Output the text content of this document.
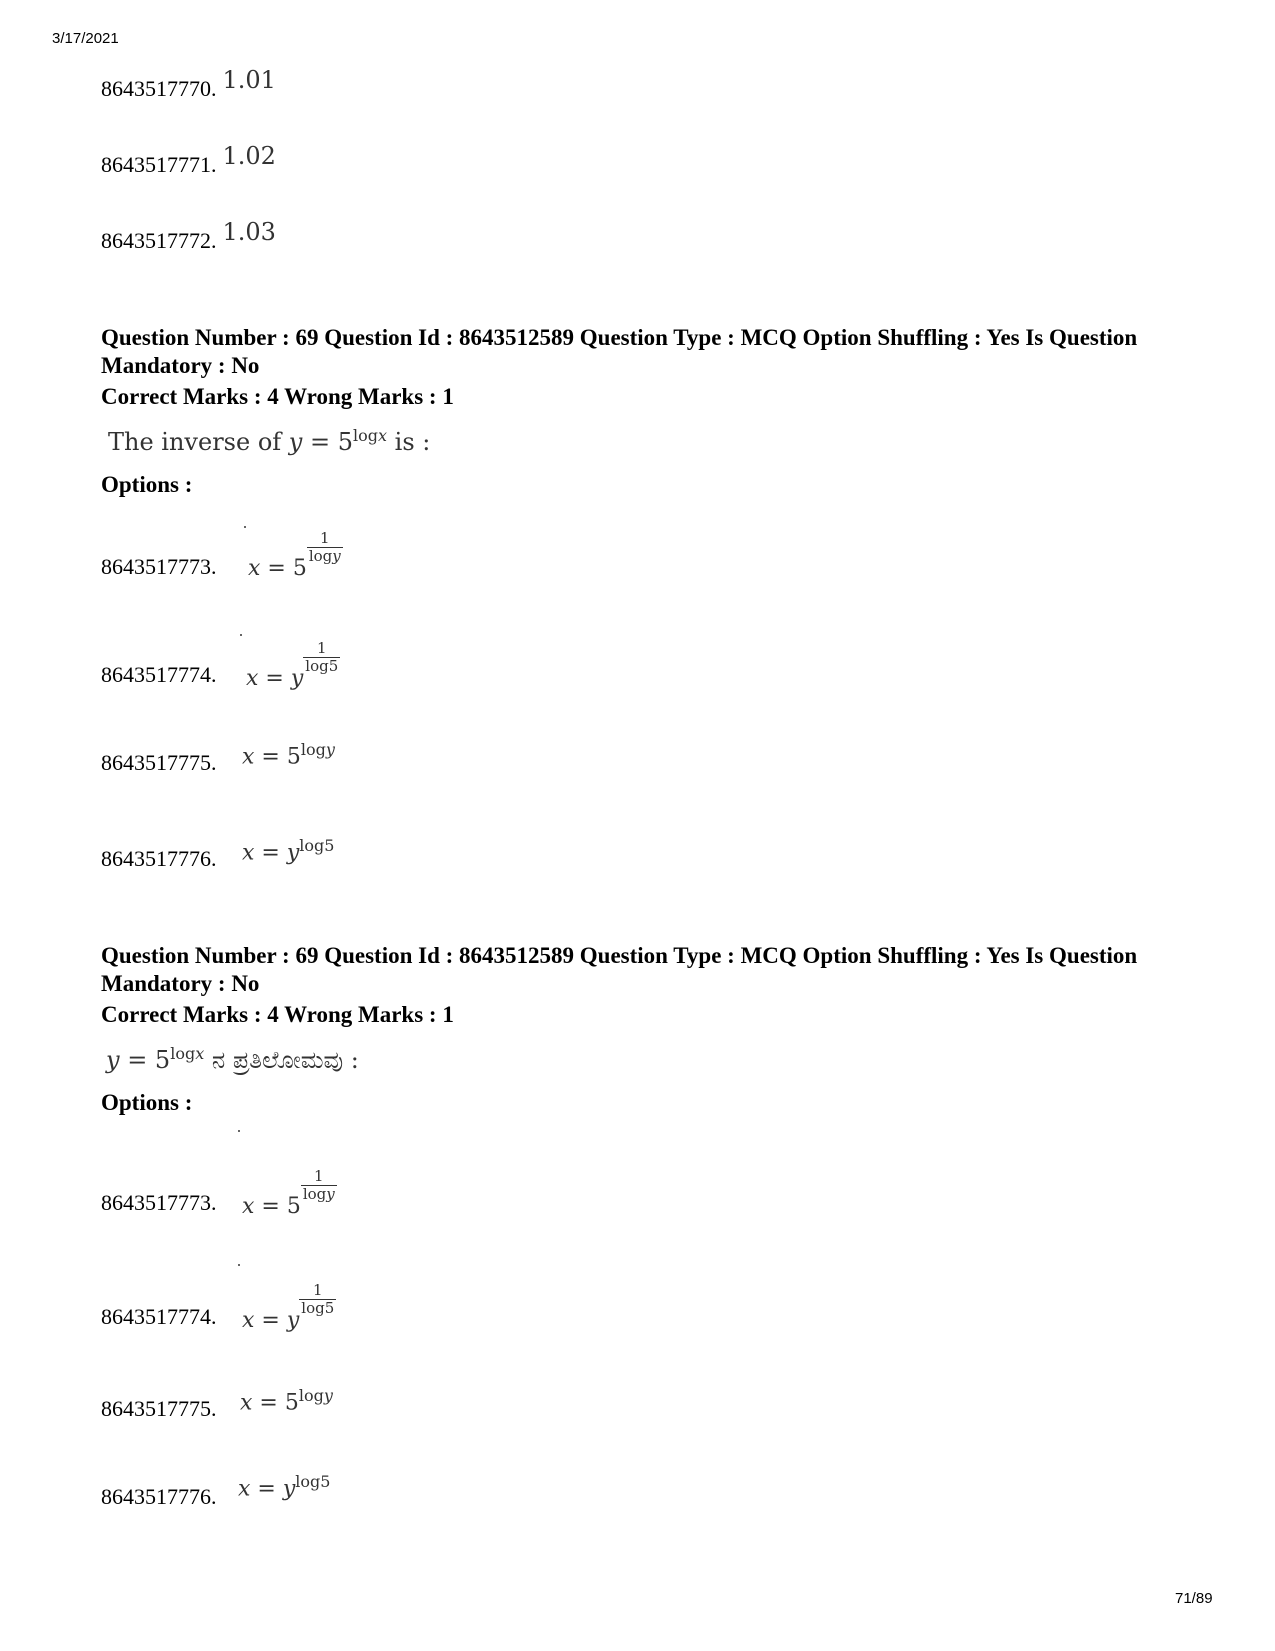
3/17/2021
8643517770. 1.01
8643517771. 1.02
8643517772. 1.03
Question Number : 69 Question Id : 8643512589 Question Type : MCQ Option Shuffling : Yes Is Question Mandatory : No
Correct Marks : 4 Wrong Marks : 1
The inverse of $y = 5^{logx}$ is :
Options :
x = 5
$\frac{1}{\log y}$
8643517773.
x = y
$\frac{1}{\log 5}$
8643517774.
$x = 5^{logy}$
8643517775.
$x = y^{log5}$
8643517776.
Question Number : 69 Question Id : 8643512589 Question Type : MCQ Option Shuffling : Yes Is Question Mandatory : No
Correct Marks : 4 Wrong Marks : 1
$y = 5^{logx}$ ನ ಪ್ರತಿಲೋಮವು :
Options :
x = 5
$\frac{1}{\log y}$
8643517773.
x = y
$\frac{1}{\log 5}$
8643517774.
$x = 5^{logy}$
8643517775.
$x = y^{log5}$
8643517776.
71/89
